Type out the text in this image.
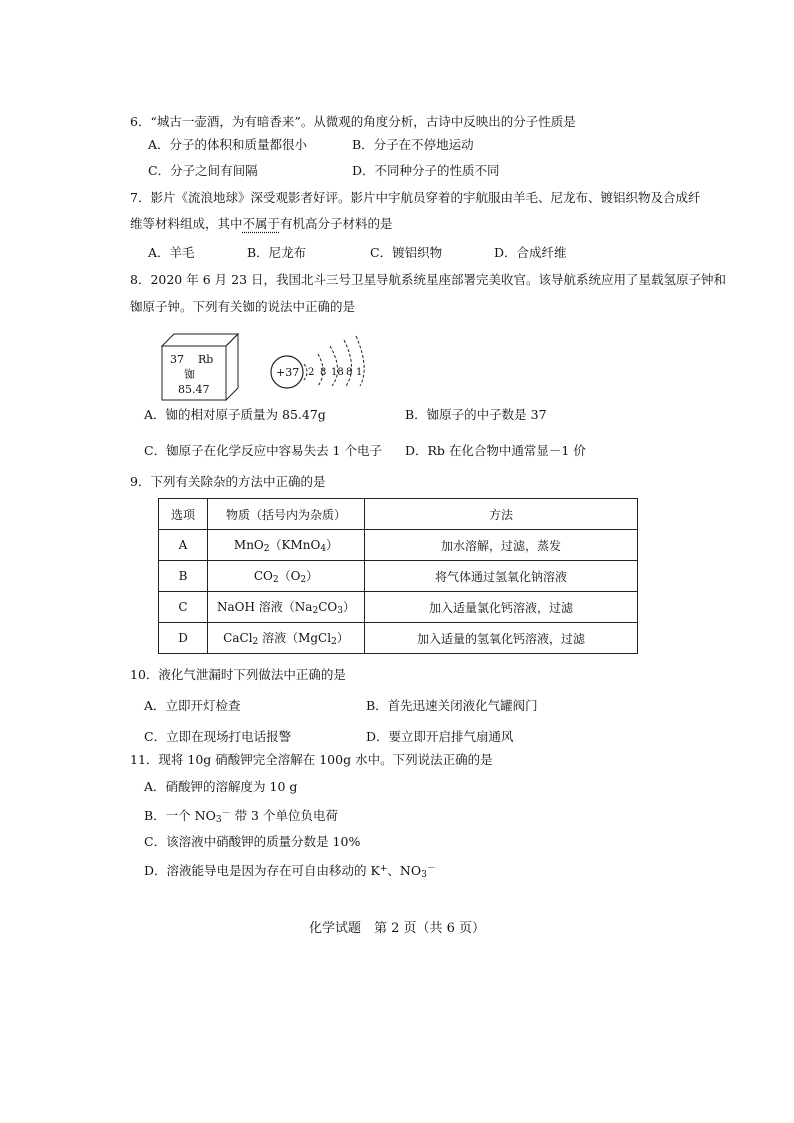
6．“城古一壶酒，为有暗香来”。从微观的角度分析，古诗中反映出的分子性质是
A．分子的体积和质量都很小	B．分子在不停地运动
C．分子之间有间隔	D．不同种分子的性质不同
7．影片《流浪地球》深受观影者好评。影片中宇航员穿着的宇航服由羊毛、尼龙布、镀铝织物及合成纤
维等材料组成，其中不属于有机高分子材料的是
A．羊毛	B．尼龙布	C．镀铝织物	D．合成纤维
8．2020 年 6 月 23 日，我国北斗三号卫星导航系统星座部署完美收官。该导航系统应用了星载氢原子钟和
铷原子钟。下列有关铷的说法中正确的是
37 Rb
铷
85.47
+37 2 8 18 8 1
A．铷的相对原子质量为 85.47g	B．铷原子的中子数是 37
C．铷原子在化学反应中容易失去 1 个电子 D．Rb 在化合物中通常显－1 价
9．下列有关除杂的方法中正确的是
选项	物质（括号内为杂质）	方法
A	MnO$_2$（KMnO$_4$）	加水溶解，过滤，蒸发
B	$CO_2(O_2)$	将气体通过氢氧化钠溶液
C	NaOH 溶液$(Na_2CO_3)$	加入适量氯化钙溶液，过滤
D	CaCl$_2$ 溶液（MgCl$_2$）	加入适量的氢氧化钙溶液，过滤
10．液化气泄漏时下列做法中正确的是
A．立即开灯检查	B．首先迅速关闭液化气罐阀门
C．立即在现场打电话报警	D．要立即开启排气扇通风
11．现将 10g 硝酸钾完全溶解在 100g 水中。下列说法正确的是
A．硝酸钾的溶解度为 10 g
B．一个 $NO_3^-$ 带 3 个单位负电荷
C．该溶液中硝酸钾的质量分数是 10%
D．溶液能导电是因为存在可自由移动的 K+、$NO_3^-$
化学试题　第 2 页（共 6 页）
